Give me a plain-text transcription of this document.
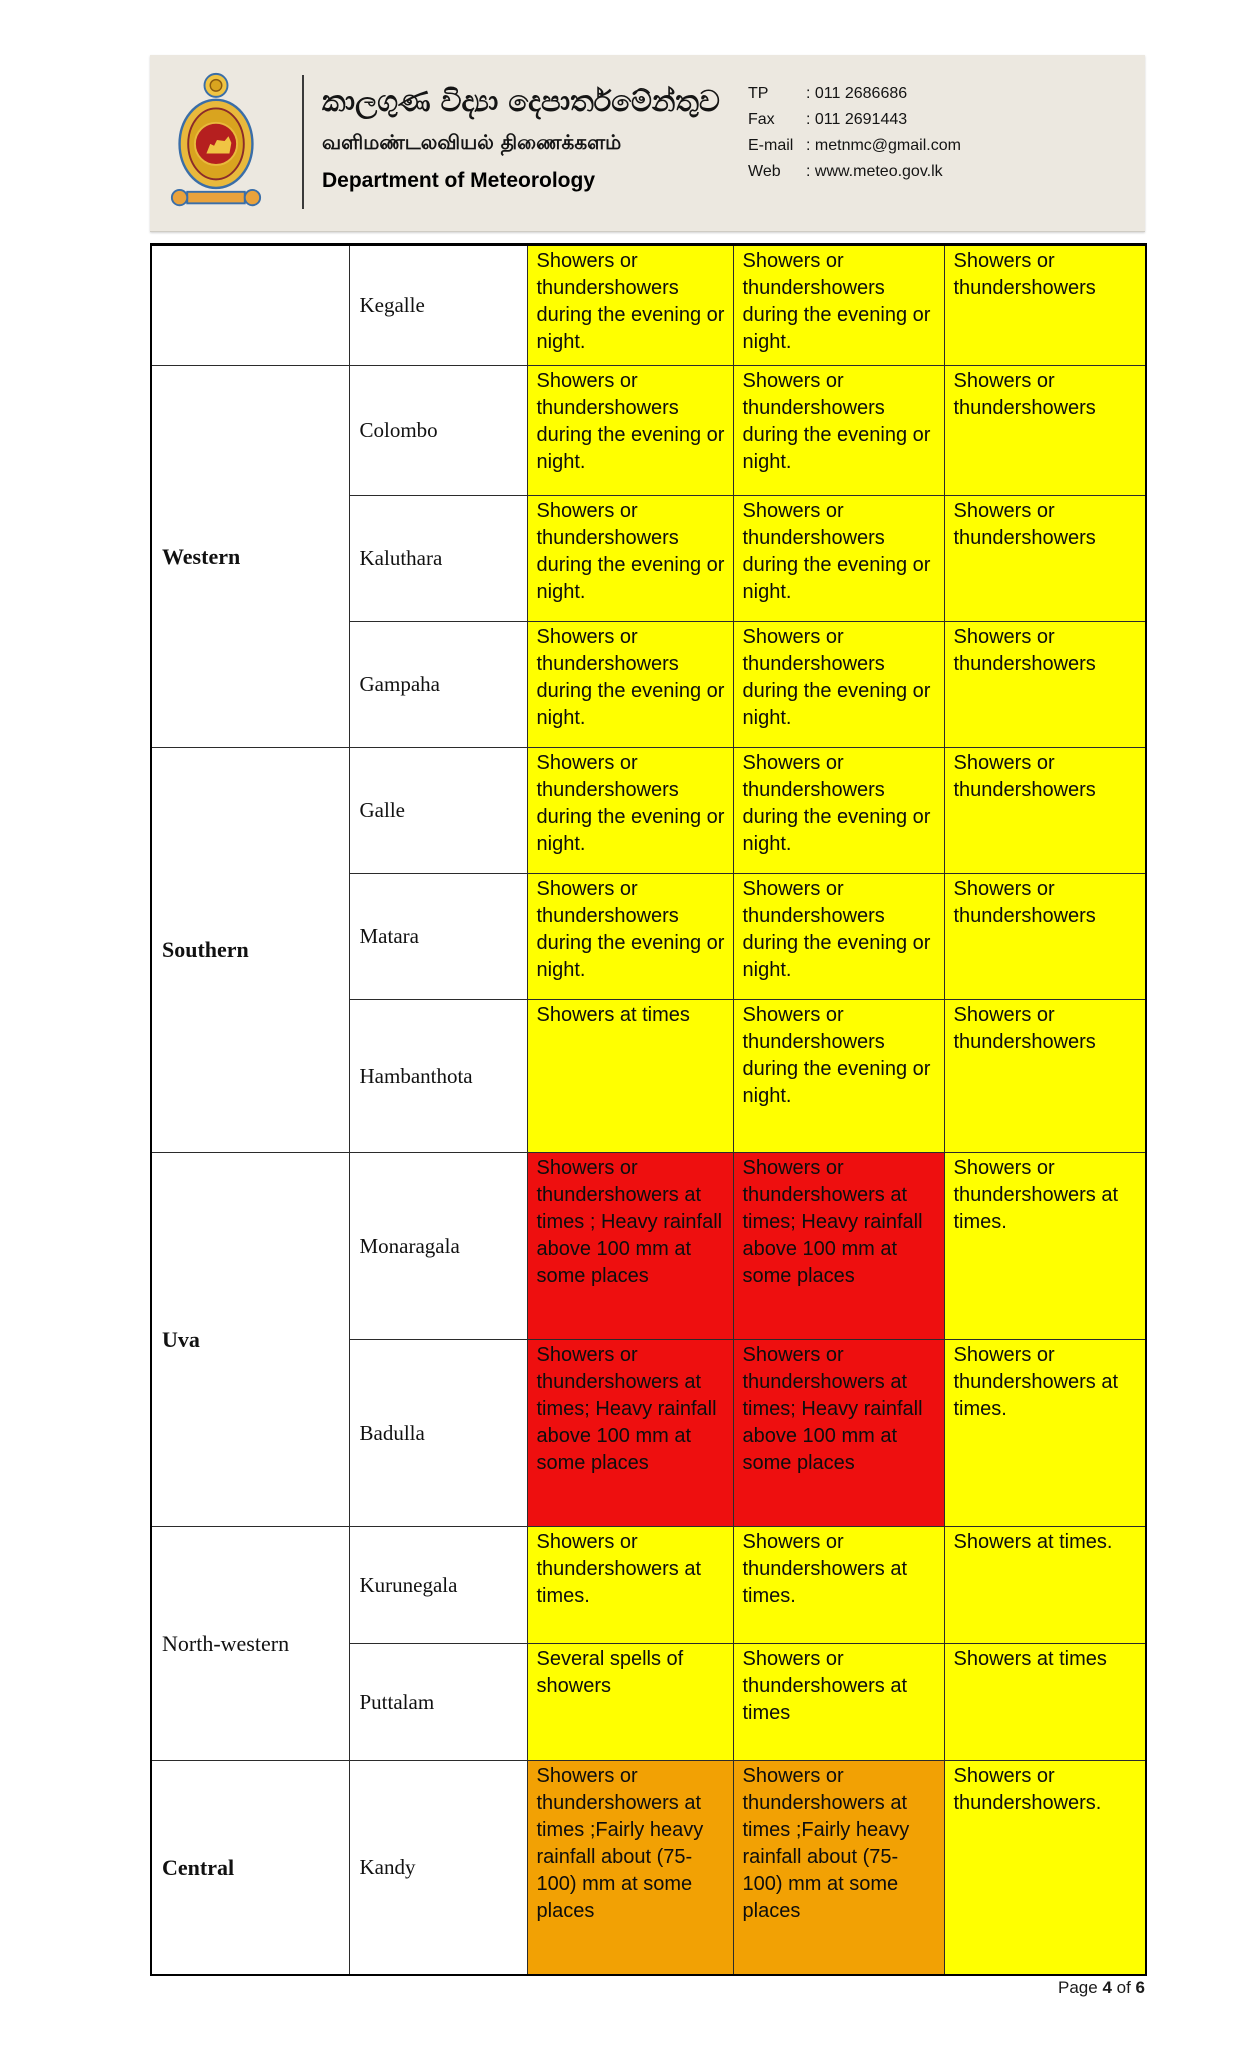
කාලගුණ විද්‍යා දෙපාර්තමේන්තුව
வளிமண்டலவியல் திணைக்களம்
Department of Meteorology
TP	: 011 2686686
Fax	: 011 2691443
E-mail : metnmc@gmail.com
Web	: www.meteo.gov.lk
	Kegalle	Showers or thundershowers during the evening or night.	Showers or thundershowers during the evening or night.	Showers or thundershowers
Western	Colombo	Showers or thundershowers during the evening or night.	Showers or thundershowers during the evening or night.	Showers or thundershowers
	Kaluthara	Showers or thundershowers during the evening or night.	Showers or thundershowers during the evening or night.	Showers or thundershowers
	Gampaha	Showers or thundershowers during the evening or night.	Showers or thundershowers during the evening or night.	Showers or thundershowers
Southern	Galle	Showers or thundershowers during the evening or night.	Showers or thundershowers during the evening or night.	Showers or thundershowers
	Matara	Showers or thundershowers during the evening or night.	Showers or thundershowers during the evening or night.	Showers or thundershowers
	Hambanthota	Showers at times	Showers or thundershowers during the evening or night.	Showers or thundershowers
Uva	Monaragala	Showers or thundershowers at times ; Heavy rainfall above 100 mm at some places	Showers or thundershowers at times; Heavy rainfall above 100 mm at some places	Showers or thundershowers at times.
	Badulla	Showers or thundershowers at times; Heavy rainfall above 100 mm at some places	Showers or thundershowers at times; Heavy rainfall above 100 mm at some places	Showers or thundershowers at times.
North-western	Kurunegala	Showers or thundershowers at times.	Showers or thundershowers at times.	Showers at times.
	Puttalam	Several spells of showers	Showers or thundershowers at times	Showers at times
Central	Kandy	Showers or thundershowers at times ;Fairly heavy rainfall about (75- 100) mm at some places	Showers or thundershowers at times ;Fairly heavy rainfall about (75- 100) mm at some places	Showers or thundershowers.
Page 4 of 6
